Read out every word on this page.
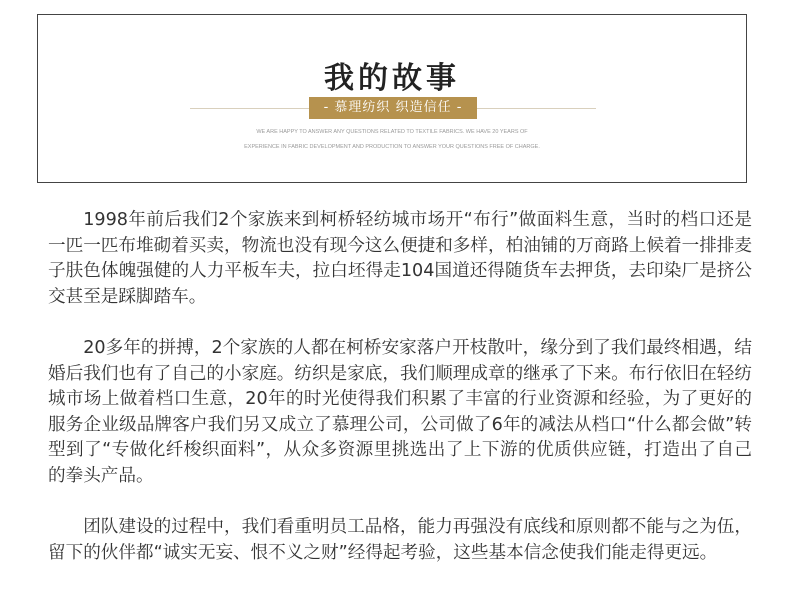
我的故事
- 慕理纺织 织造信任 -
WE ARE HAPPY TO ANSWER ANY QUESTIONS RELATED TO TEXTILE FABRICS. WE HAVE 20 YEARS OF
EXPERIENCE IN FABRIC DEVELOPMENT AND PRODUCTION TO ANSWER YOUR QUESTIONS FREE OF CHARGE.

1998年前后我们2个家族来到柯桥轻纺城市场开“布行”做面料生意，当时的档口还是一匹一匹布堆砌着买卖，物流也没有现今这么便捷和多样，柏油铺的万商路上候着一排排麦子肤色体魄强健的人力平板车夫，拉白坯得走104国道还得随货车去押货，去印染厂是挤公交甚至是踩脚踏车。

20多年的拼搏，2个家族的人都在柯桥安家落户开枝散叶，缘分到了我们最终相遇，结婚后我们也有了自己的小家庭。纺织是家底，我们顺理成章的继承了下来。布行依旧在轻纺城市场上做着档口生意，20年的时光使得我们积累了丰富的行业资源和经验，为了更好的服务企业级品牌客户我们另又成立了慕理公司，公司做了6年的减法从档口“什么都会做”转型到了“专做化纤梭织面料”，从众多资源里挑选出了上下游的优质供应链，打造出了自己的拳头产品。

团队建设的过程中，我们看重明员工品格，能力再强没有底线和原则都不能与之为伍，留下的伙伴都“诚实无妄、恨不义之财”经得起考验，这些基本信念使我们能走得更远。
